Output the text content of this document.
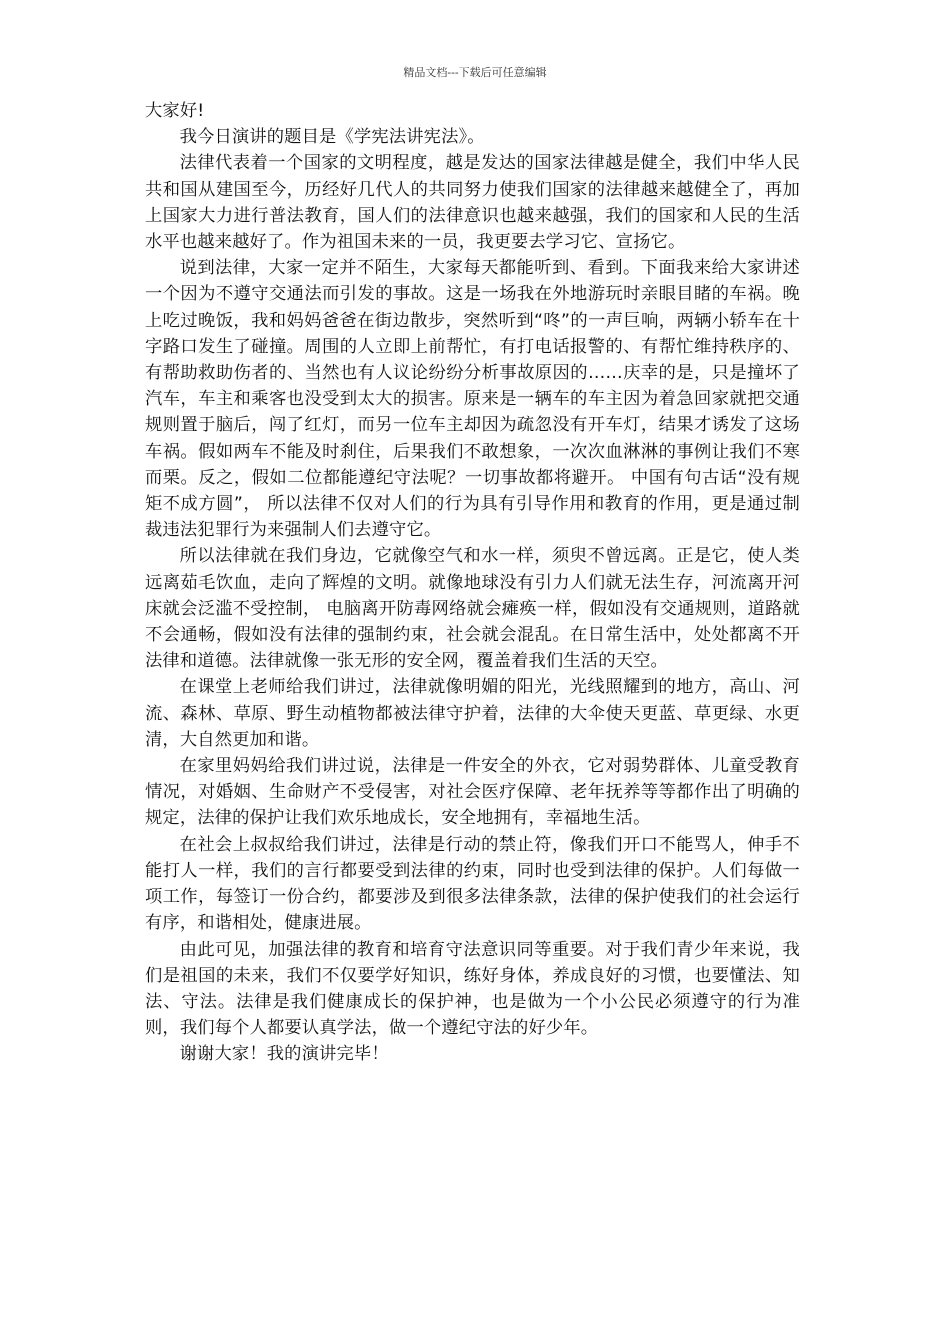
精品文档---下载后可任意编辑

大家好!

我今日演讲的题目是《学宪法讲宪法》。

法律代表着一个国家的文明程度，越是发达的国家法律越是健全，我们中华人民共和国从建国至今，历经好几代人的共同努力使我们国家的法律越来越健全了，再加上国家大力进行普法教育，国人们的法律意识也越来越强，我们的国家和人民的生活水平也越来越好了。作为祖国未来的一员，我更要去学习它、宣扬它。

说到法律，大家一定并不陌生，大家每天都能听到、看到。下面我来给大家讲述一个因为不遵守交通法而引发的事故。这是一场我在外地游玩时亲眼目睹的车祸。晚上吃过晚饭，我和妈妈爸爸在街边散步，突然听到“咚”的一声巨响，两辆小轿车在十字路口发生了碰撞。周围的人立即上前帮忙，有打电话报警的、有帮忙维持秩序的、有帮助救助伤者的、当然也有人议论纷纷分析事故原因的……庆幸的是，只是撞坏了汽车，车主和乘客也没受到太大的损害。原来是一辆车的车主因为着急回家就把交通规则置于脑后，闯了红灯，而另一位车主却因为疏忽没有开车灯，结果才诱发了这场车祸。假如两车不能及时刹住，后果我们不敢想象，一次次血淋淋的事例让我们不寒而栗。反之，假如二位都能遵纪守法呢？一切事故都将避开。 中国有句古话“没有规矩不成方圆”， 所以法律不仅对人们的行为具有引导作用和教育的作用，更是通过制裁违法犯罪行为来强制人们去遵守它。

所以法律就在我们身边，它就像空气和水一样，须臾不曾远离。正是它，使人类远离茹毛饮血，走向了辉煌的文明。就像地球没有引力人们就无法生存，河流离开河床就会泛滥不受控制， 电脑离开防毒网络就会瘫痪一样，假如没有交通规则，道路就不会通畅，假如没有法律的强制约束，社会就会混乱。在日常生活中，处处都离不开法律和道德。法律就像一张无形的安全网，覆盖着我们生活的天空。

在课堂上老师给我们讲过，法律就像明媚的阳光，光线照耀到的地方，高山、河流、森林、草原、野生动植物都被法律守护着，法律的大伞使天更蓝、草更绿、水更清，大自然更加和谐。

在家里妈妈给我们讲过说，法律是一件安全的外衣，它对弱势群体、儿童受教育情况，对婚姻、生命财产不受侵害，对社会医疗保障、老年抚养等等都作出了明确的规定，法律的保护让我们欢乐地成长，安全地拥有，幸福地生活。

在社会上叔叔给我们讲过，法律是行动的禁止符，像我们开口不能骂人，伸手不能打人一样，我们的言行都要受到法律的约束，同时也受到法律的保护。人们每做一项工作，每签订一份合约，都要涉及到很多法律条款，法律的保护使我们的社会运行有序，和谐相处，健康进展。

由此可见，加强法律的教育和培育守法意识同等重要。对于我们青少年来说，我们是祖国的未来，我们不仅要学好知识，练好身体，养成良好的习惯，也要懂法、知法、守法。法律是我们健康成长的保护神，也是做为一个小公民必须遵守的行为准则，我们每个人都要认真学法，做一个遵纪守法的好少年。

谢谢大家！我的演讲完毕！
